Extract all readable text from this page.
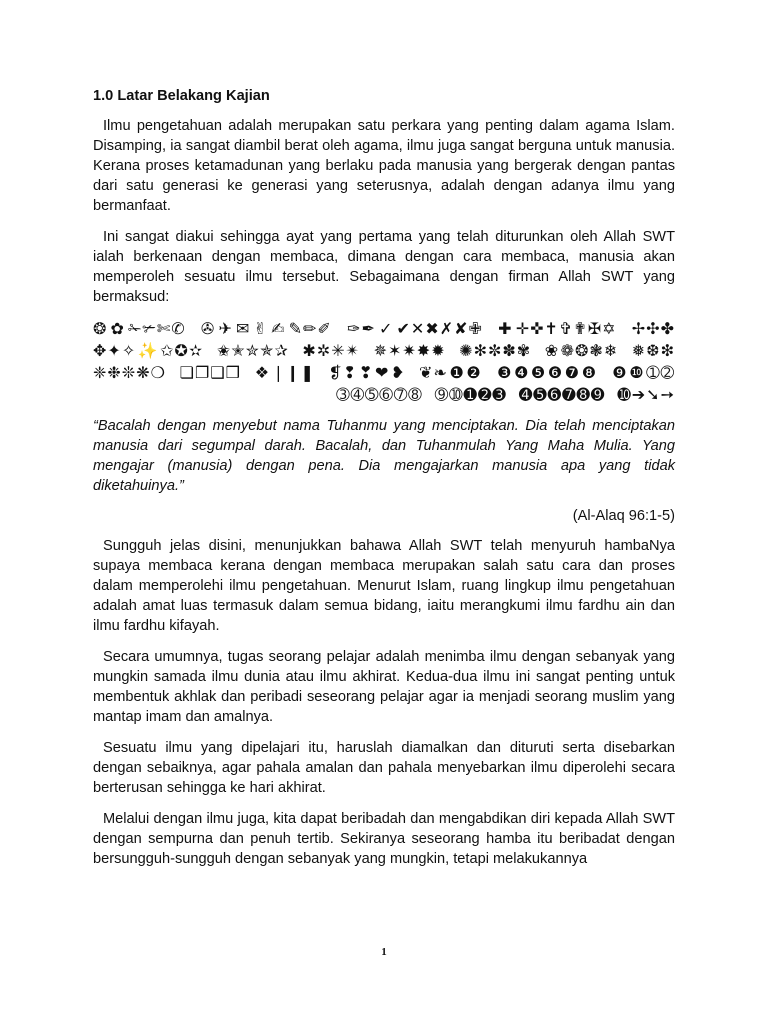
1.0 Latar Belakang Kajian

Ilmu pengetahuan adalah merupakan satu perkara yang penting dalam agama Islam. Disamping, ia sangat diambil berat oleh agama, ilmu juga sangat berguna untuk manusia. Kerana proses ketamadunan yang berlaku pada manusia yang bergerak dengan pantas dari satu generasi ke generasi yang seterusnya, adalah dengan adanya ilmu yang bermanfaat.

Ini sangat diakui sehingga ayat yang pertama yang telah diturunkan oleh Allah SWT ialah berkenaan dengan membaca, dimana dengan cara membaca, manusia akan memperoleh sesuatu ilmu tersebut. Sebagaimana dengan firman Allah SWT yang bermaksud:

❂✿✁✃✄✆ ✇✈✉✌✍✎✏✐ ✑✒✓✔✕✖✗✘✙ ✚✛✜✝✞✟✠✡ ✢✣✤ ✥✦✧✨✩✪✫ ✬✭✮✯✰ ✱✲✳✴ ✵✶✷✸✹ ✺✻✼✽✾ ❀❁❂❃❄ ❅❆❇ ❈❉❊❋❍ ❏❐❑❒ ❖❘❙❚ ❡❢❣❤❥ ❦❧❶❷ ❸❹❺❻❼❽ ❾❿➀➁ ➂➃➄➅➆➇ ➈➉➊➋➌ ➍➎➏➐➑➒ ➓➔➘➙

“Bacalah dengan menyebut nama Tuhanmu yang menciptakan. Dia telah menciptakan manusia dari segumpal darah. Bacalah, dan Tuhanmulah Yang Maha Mulia. Yang mengajar (manusia) dengan pena. Dia mengajarkan manusia apa yang tidak diketahuinya.”

(Al-Alaq 96:1-5)

Sungguh jelas disini, menunjukkan bahawa Allah SWT telah menyuruh hambaNya supaya membaca kerana dengan membaca merupakan salah satu cara dan proses dalam memperolehi ilmu pengetahuan. Menurut Islam, ruang lingkup ilmu pengetahuan adalah amat luas termasuk dalam semua bidang, iaitu merangkumi ilmu fardhu ain dan ilmu fardhu kifayah.

Secara umumnya, tugas seorang pelajar adalah menimba ilmu dengan sebanyak yang mungkin samada ilmu dunia atau ilmu akhirat. Kedua-dua ilmu ini sangat penting untuk membentuk akhlak dan peribadi seseorang pelajar agar ia menjadi seorang muslim yang mantap imam dan amalnya.

Sesuatu ilmu yang dipelajari itu, haruslah diamalkan dan dituruti serta disebarkan dengan sebaiknya, agar pahala amalan dan pahala menyebarkan ilmu diperolehi secara berterusan sehingga ke hari akhirat.

Melalui dengan ilmu juga, kita dapat beribadah dan mengabdikan diri kepada Allah SWT dengan sempurna dan penuh tertib. Sekiranya seseorang hamba itu beribadat dengan bersungguh-sungguh dengan sebanyak yang mungkin, tetapi melakukannya

1
